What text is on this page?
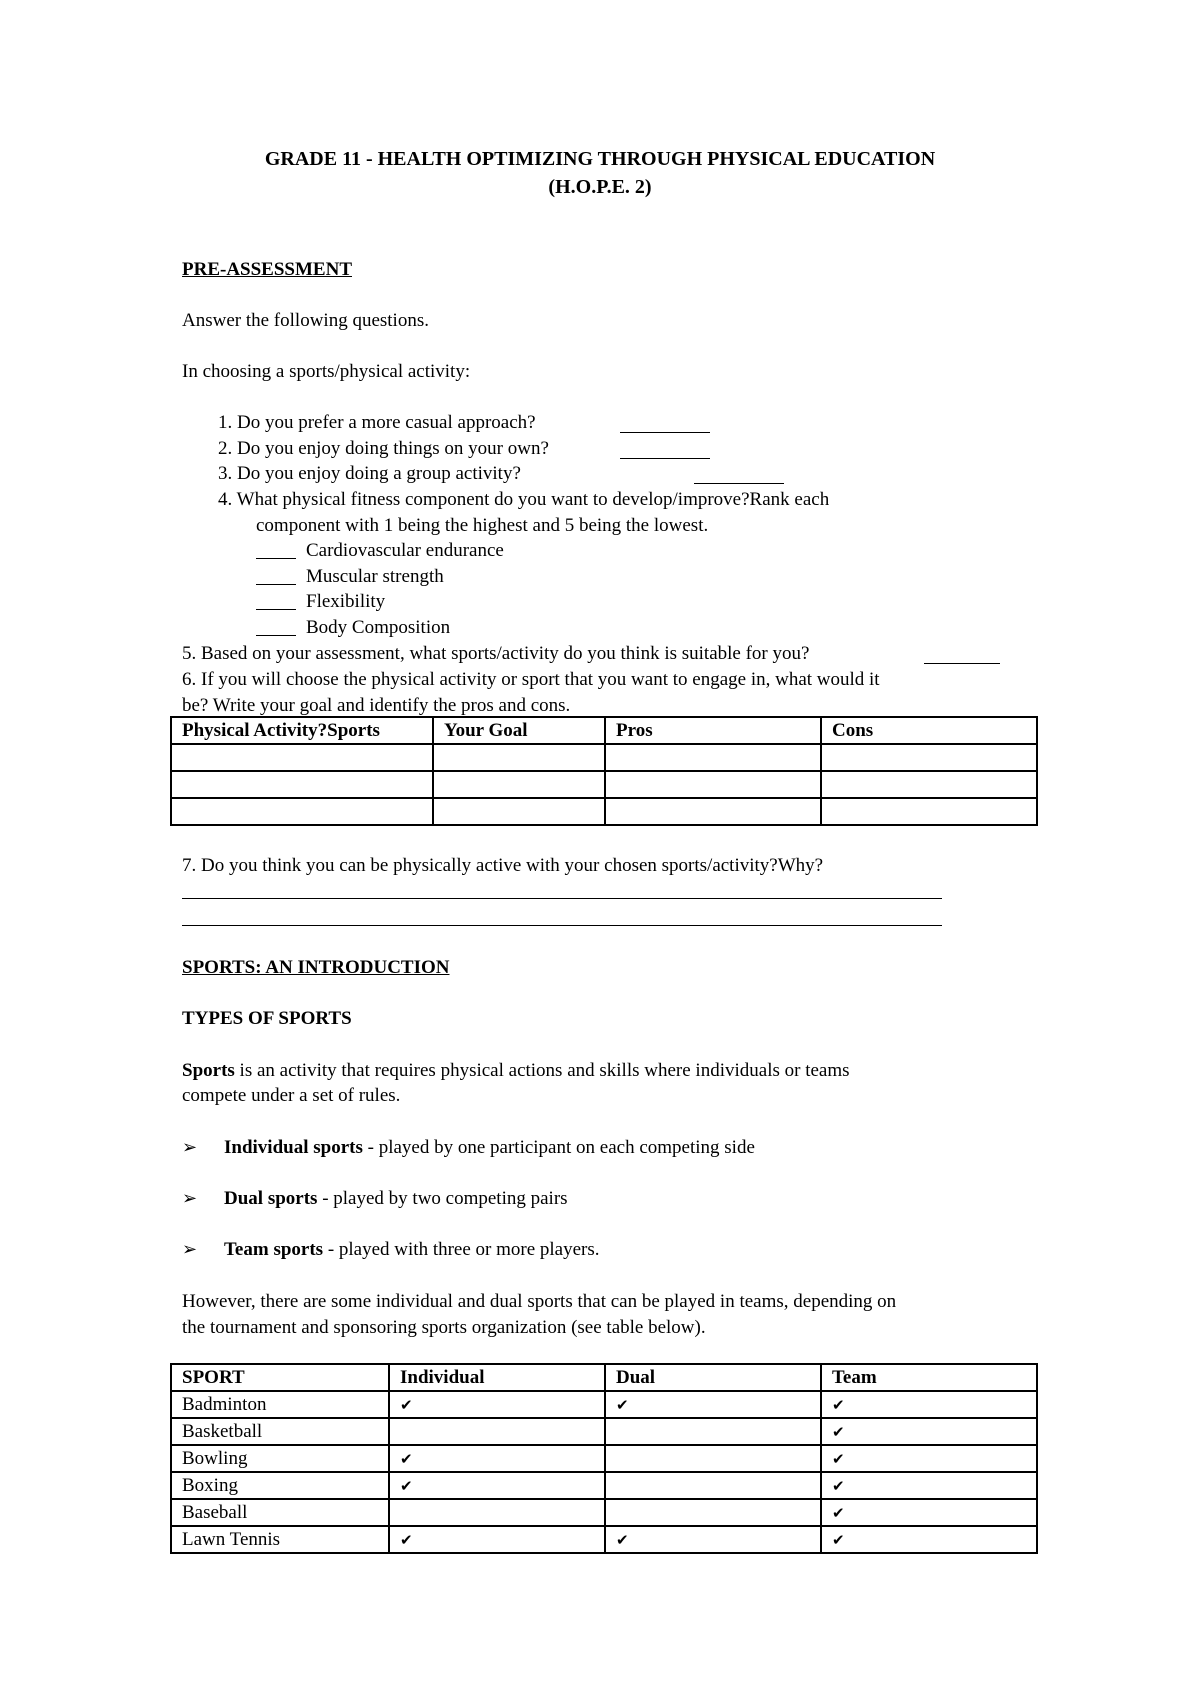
GRADE 11 - HEALTH OPTIMIZING THROUGH PHYSICAL EDUCATION
(H.O.P.E. 2)
PRE-ASSESSMENT
Answer the following questions.
In choosing a sports/physical activity:
1. Do you prefer a more casual approach?
2. Do you enjoy doing things on your own?
3. Do you enjoy doing a group activity?
4. What physical fitness component do you want to develop/improve?Rank each
component with 1 being the highest and 5 being the lowest.
Cardiovascular endurance
Muscular strength
Flexibility
Body Composition
5. Based on your assessment, what sports/activity do you think is suitable for you?
6. If you will choose the physical activity or sport that you want to engage in, what would it
be? Write your goal and identify the pros and cons.
Physical Activity?Sports	Your Goal	Pros	Cons

7. Do you think you can be physically active with your chosen sports/activity?Why?
SPORTS: AN INTRODUCTION
TYPES OF SPORTS
Sports is an activity that requires physical actions and skills where individuals or teams
compete under a set of rules.
➢ Individual sports - played by one participant on each competing side
➢ Dual sports - played by two competing pairs
➢ Team sports - played with three or more players.
However, there are some individual and dual sports that can be played in teams, depending on
the tournament and sponsoring sports organization (see table below).
SPORT	Individual	Dual	Team
Badminton	✔	✔	✔
Basketball			✔
Bowling	✔		✔
Boxing	✔		✔
Baseball			✔
Lawn Tennis	✔	✔	✔
